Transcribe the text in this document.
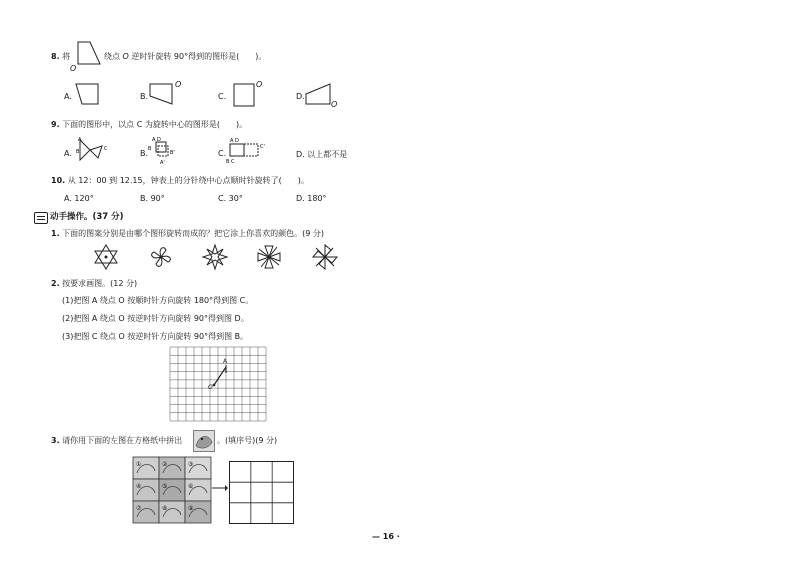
8. 将
O
绕点 O 逆时针旋转 90°得到的图形是(　　)。
A.	B.
O
C.
O
D.
O
9. 下面的图形中，以点 C 为旋转中心的图形是(　　)。
A.
A
B	C	B.
A D
B
B'
A'
C.
A D
C'
B C
D. 以上都不是
10. 从 12：00 到 12.15，钟表上的分针绕中心点顺时针旋转了(　　)。
A. 120°	B. 90°	C. 30°	D. 180°
动手操作。(37 分)
1. 下面的图案分别是由哪个图形旋转而成的？把它涂上你喜欢的颜色。(9 分)
2. 按要求画图。(12 分)
(1)把图 A 绕点 O 按顺时针方向旋转 180°得到图 C。
(2)把图 A 绕点 O 按逆时针方向旋转 90°得到图 D。
(3)把图 C 绕点 O 按逆时针方向旋转 90°得到图 B。
A
O
3. 请你用下面的左图在方格纸中拼出	。(填序号)(9 分)
①	②	③
④	⑤	⑥
⑦	⑧	⑨
— 16 ·
